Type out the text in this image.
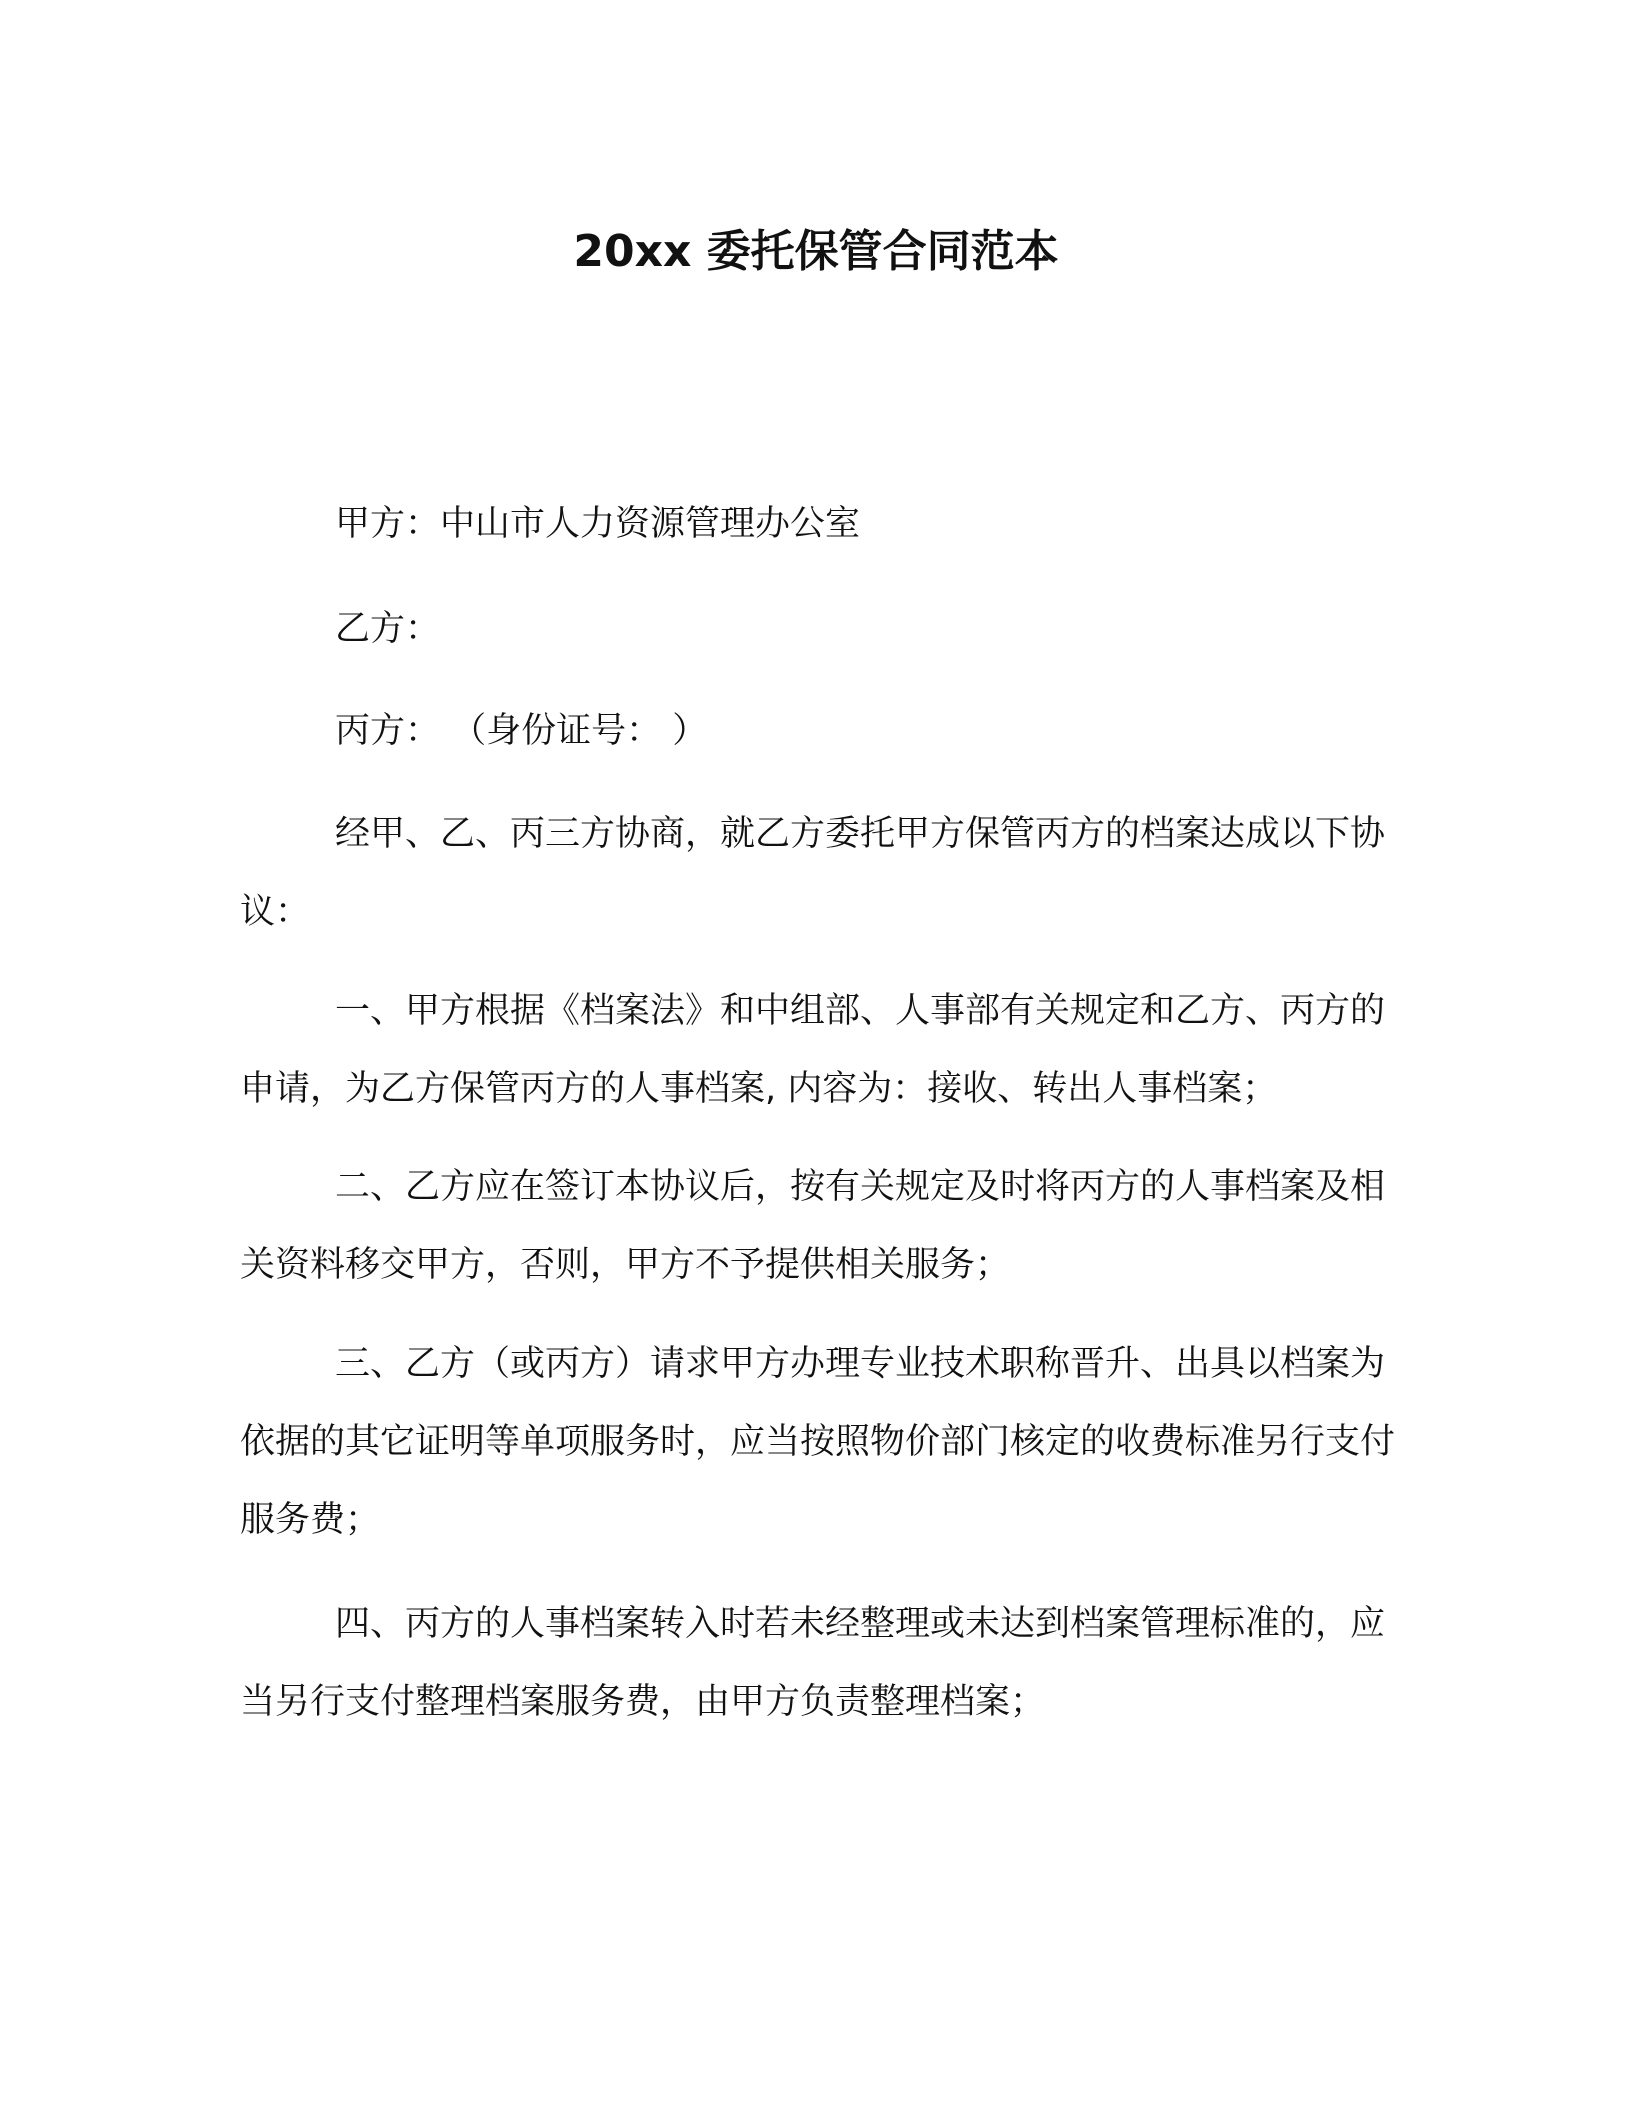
20xx 委托保管合同范本

甲方：中山市人力资源管理办公室

乙方：

丙方： （身份证号： ）

经甲、乙、丙三方协商，就乙方委托甲方保管丙方的档案达成以下协议：

一、甲方根据《档案法》和中组部、人事部有关规定和乙方、丙方的申请，为乙方保管丙方的人事档案, 内容为：接收、转出人事档案；

二、乙方应在签订本协议后，按有关规定及时将丙方的人事档案及相关资料移交甲方，否则，甲方不予提供相关服务；

三、乙方（或丙方）请求甲方办理专业技术职称晋升、出具以档案为依据的其它证明等单项服务时，应当按照物价部门核定的收费标准另行支付服务费；

四、丙方的人事档案转入时若未经整理或未达到档案管理标准的，应当另行支付整理档案服务费，由甲方负责整理档案；
